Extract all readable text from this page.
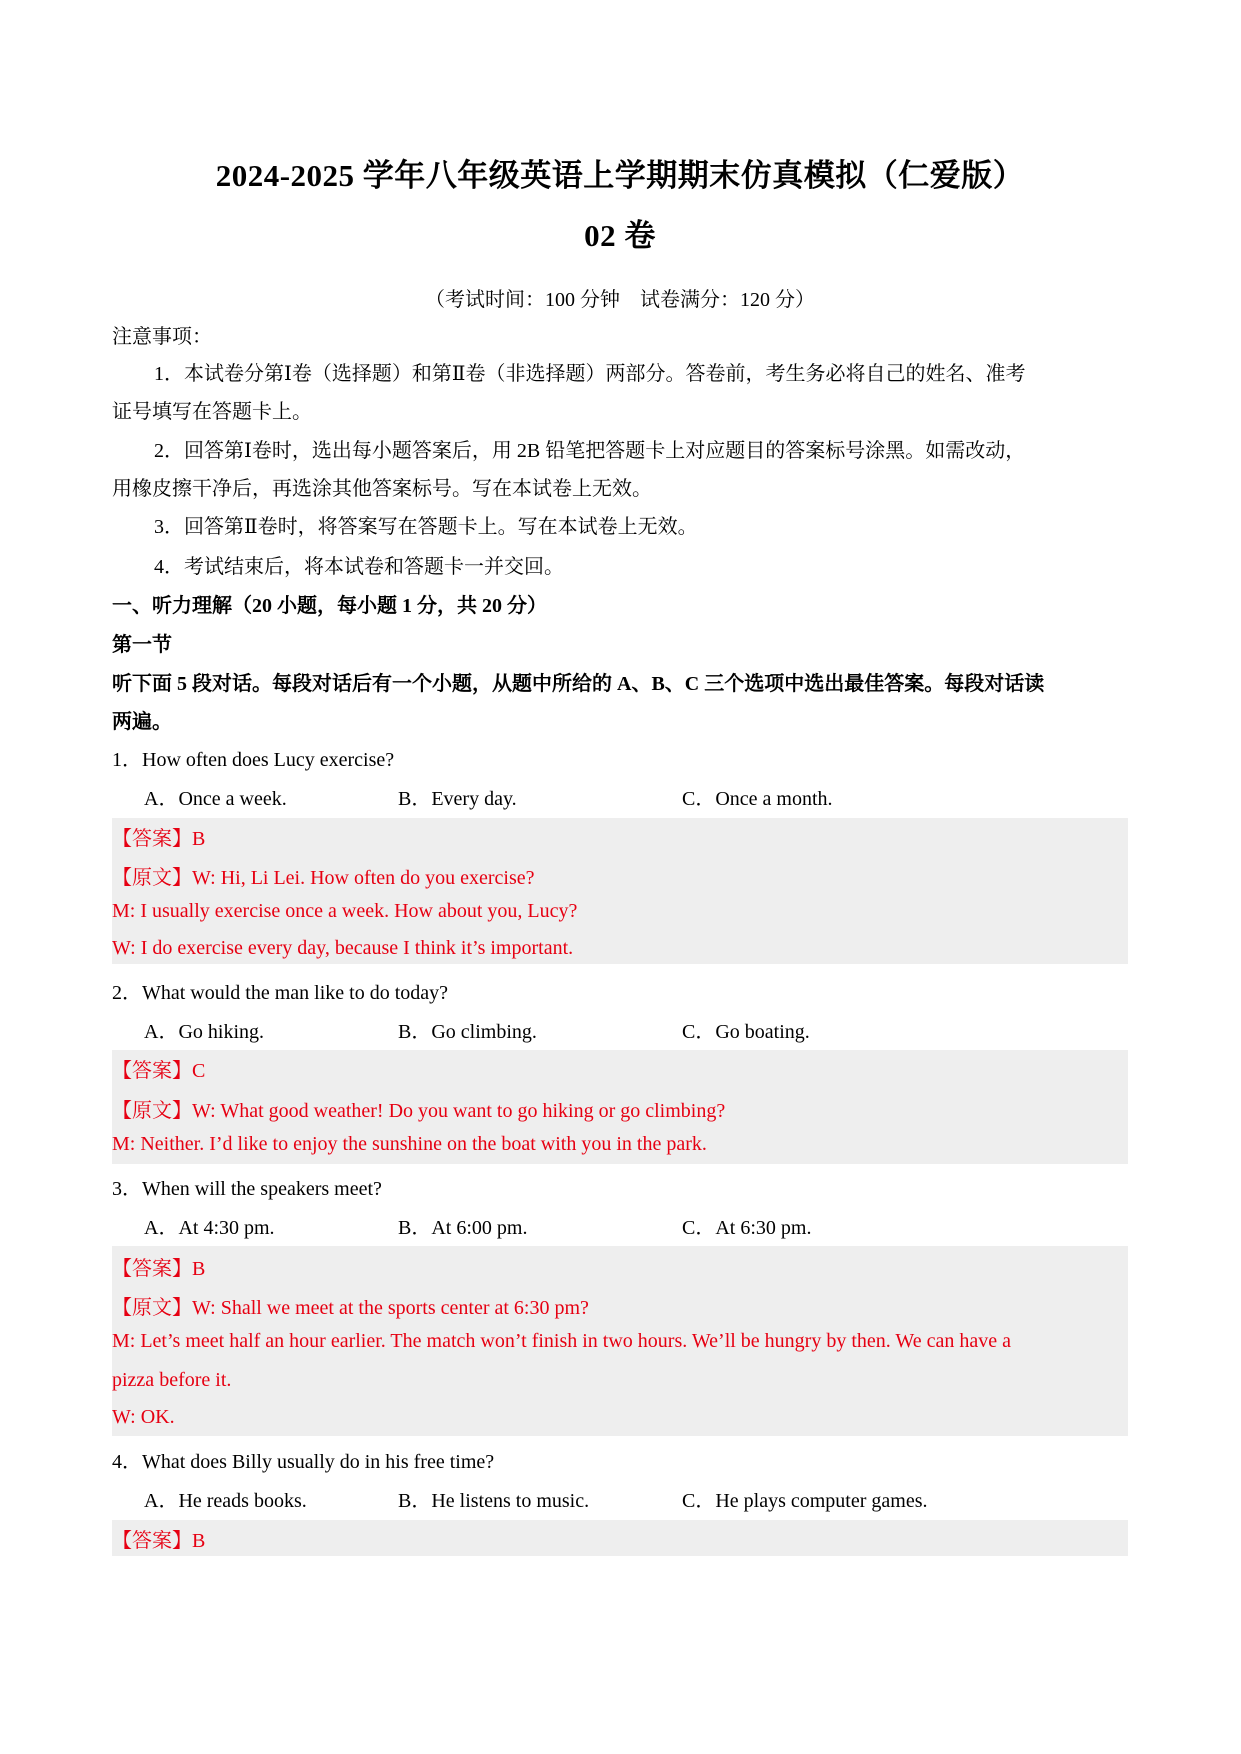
2024-2025 学年八年级英语上学期期末仿真模拟（仁爱版）
02 卷
（考试时间：100 分钟　试卷满分：120 分）
注意事项：
1．本试卷分第Ⅰ卷（选择题）和第Ⅱ卷（非选择题）两部分。答卷前，考生务必将自己的姓名、准考
证号填写在答题卡上。
2．回答第Ⅰ卷时，选出每小题答案后，用 2B 铅笔把答题卡上对应题目的答案标号涂黑。如需改动，
用橡皮擦干净后，再选涂其他答案标号。写在本试卷上无效。
3．回答第Ⅱ卷时，将答案写在答题卡上。写在本试卷上无效。
4．考试结束后，将本试卷和答题卡一并交回。
一、听力理解（20 小题，每小题 1 分，共 20 分）
第一节
听下面 5 段对话。每段对话后有一个小题，从题中所给的 A、B、C 三个选项中选出最佳答案。每段对话读
两遍。
1．How often does Lucy exercise?
A．Once a week.	B．Every day.	C．Once a month.
【答案】B
【原文】W: Hi, Li Lei. How often do you exercise?
M: I usually exercise once a week. How about you, Lucy?
W: I do exercise every day, because I think it’s important.
2．What would the man like to do today?
A．Go hiking.	B．Go climbing.	C．Go boating.
【答案】C
【原文】W: What good weather! Do you want to go hiking or go climbing?
M: Neither. I’d like to enjoy the sunshine on the boat with you in the park.
3．When will the speakers meet?
A．At 4:30 pm.	B．At 6:00 pm.	C．At 6:30 pm.
【答案】B
【原文】W: Shall we meet at the sports center at 6:30 pm?
M: Let’s meet half an hour earlier. The match won’t finish in two hours. We’ll be hungry by then. We can have a
pizza before it.
W: OK.
4．What does Billy usually do in his free time?
A．He reads books.	B．He listens to music.	C．He plays computer games.
【答案】B
